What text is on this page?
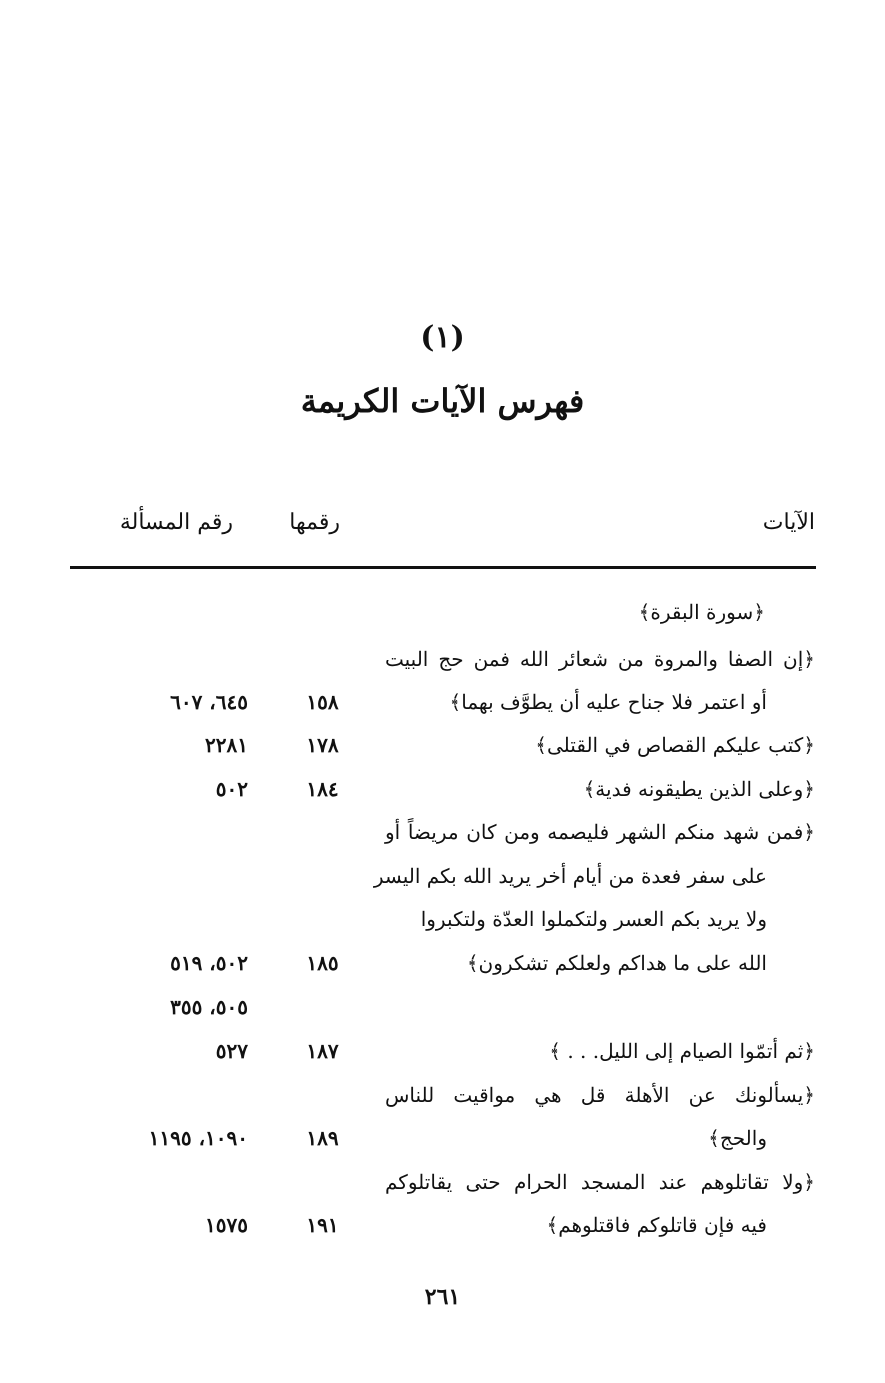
(١)
فهرس الآيات الكريمة
الآيات
رقمها
رقم المسألة
﴿سورة البقرة﴾
﴿إن الصفا والمروة من شعائر الله فمن حج البيت
أو اعتمر فلا جناح عليه أن يطوَّف بهما﴾
١٥٨
٦٤٥، ٦٠٧
﴿كتب عليكم القصاص في القتلى﴾
١٧٨
٢٢٨١
﴿وعلى الذين يطيقونه فدية﴾
١٨٤
٥٠٢
﴿فمن شهد منكم الشهر فليصمه ومن كان مريضاً أو
على سفر فعدة من أيام أخر يريد الله بكم اليسر
ولا يريد بكم العسر ولتكملوا العدّة ولتكبروا
الله على ما هداكم ولعلكم تشكرون﴾
١٨٥
٥٠٢، ٥١٩
٥٠٥، ٣٥٥
﴿ثم أتمّوا الصيام إلى الليل. . . ﴾
١٨٧
٥٢٧
﴿يسألونك عن الأهلة قل هي مواقيت للناس
والحج﴾
١٨٩
١٠٩٠، ١١٩٥
﴿ولا تقاتلوهم عند المسجد الحرام حتى يقاتلوكم
فيه فإن قاتلوكم فاقتلوهم﴾
١٩١
١٥٧٥
٢٦١
